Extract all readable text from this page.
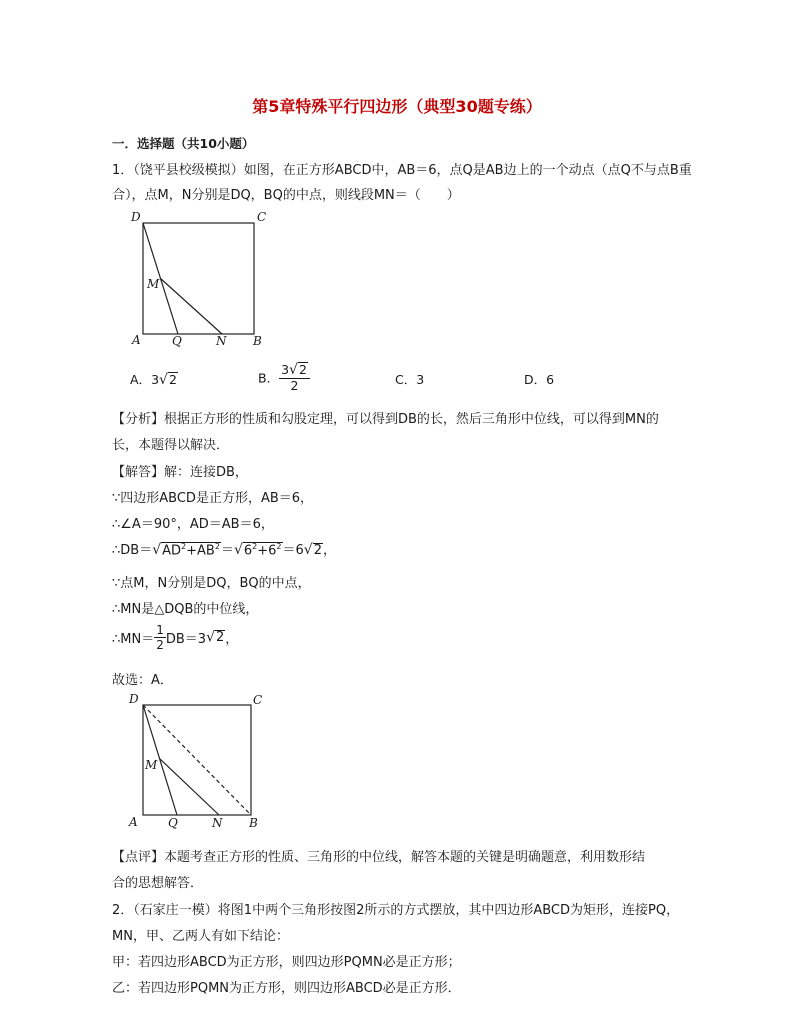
第5章特殊平行四边形（典型30题专练）
一．选择题（共10小题）
1．（饶平县校级模拟）如图，在正方形ABCD中，AB＝6，点Q是AB边上的一个动点（点Q不与点B重
合），点M，N分别是DQ，BQ的中点，则线段MN＝（　　）
D	C
M
A	Q	N B
A．3√2	B． $\frac{3√2}{2}$	C．3	D．6
【分析】根据正方形的性质和勾股定理，可以得到DB的长，然后三角形中位线，可以得到MN的
长，本题得以解决．
【解答】解：连接DB，
∵四边形ABCD是正方形，AB＝6，
∴∠A＝90°，AD＝AB＝6，
$\therefore DB=√AD^2+AB^2=√6^2+6^2=6√2$，
∵点M，N分别是DQ，BQ的中点，
∴MN是△DQB的中位线，
∴MN＝ $\frac{1}{2} DB=3√2$，
故选：A．
D	C
M
A	Q	N B
【点评】本题考查正方形的性质、三角形的中位线，解答本题的关键是明确题意，利用数形结
合的思想解答．
2．（石家庄一模）将图1中两个三角形按图2所示的方式摆放，其中四边形ABCD为矩形，连接PQ，
MN，甲、乙两人有如下结论：
甲：若四边形ABCD为正方形，则四边形PQMN必是正方形；
乙：若四边形PQMN为正方形，则四边形ABCD必是正方形．
